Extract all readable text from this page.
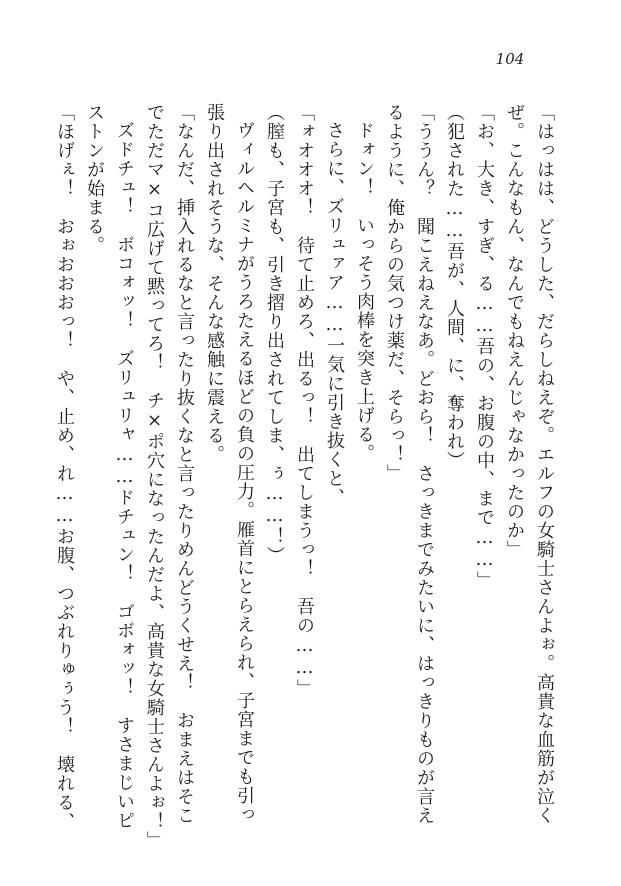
104
「はっはは、どうした、だらしねえぞ。エルフの女騎士さんよぉ。高貴な血筋が泣く
ぜ。こんなもん、なんでもねえんじゃなかったのか」
「お、大き、すぎ、る……吾の、お腹の中、まで……」
（犯された……吾が、人間、に、奪われ）
「ううん？　聞こえねえなあ。どおら！　さっきまでみたいに、はっきりものが言え
るように、俺からの気つけ薬だ、そらっ！」
ドォン！　いっそう肉棒を突き上げる。
さらに、ズリュァア……一気に引き抜くと、
「ォオオオ！　待て止めろ、出るっ！　出てしまうっ！　吾の……」
（膣も、子宮も、引き摺り出されてしま、ぅ……！）
ヴィルヘルミナがうろたえるほどの負の圧力。雁首にとらえられ、子宮までも引っ
張り出されそうな、そんな感触に震える。
「なんだ、挿入れるなと言ったり抜くなと言ったりめんどうくせえ！　おまえはそこ
でただマ×コ広げて黙ってろ！　チ×ポ穴になったんだよ、高貴な女騎士さんよぉ！」
ズドチュ！　ボコォッ！　ズリュリャ……ドチュン！　ゴボォッ！　すさまじいピ
ストンが始まる。
「ほげぇ！　おぉおおおっ！　や、止め、れ……お腹、つぶれりゅぅう！　壊れる、
